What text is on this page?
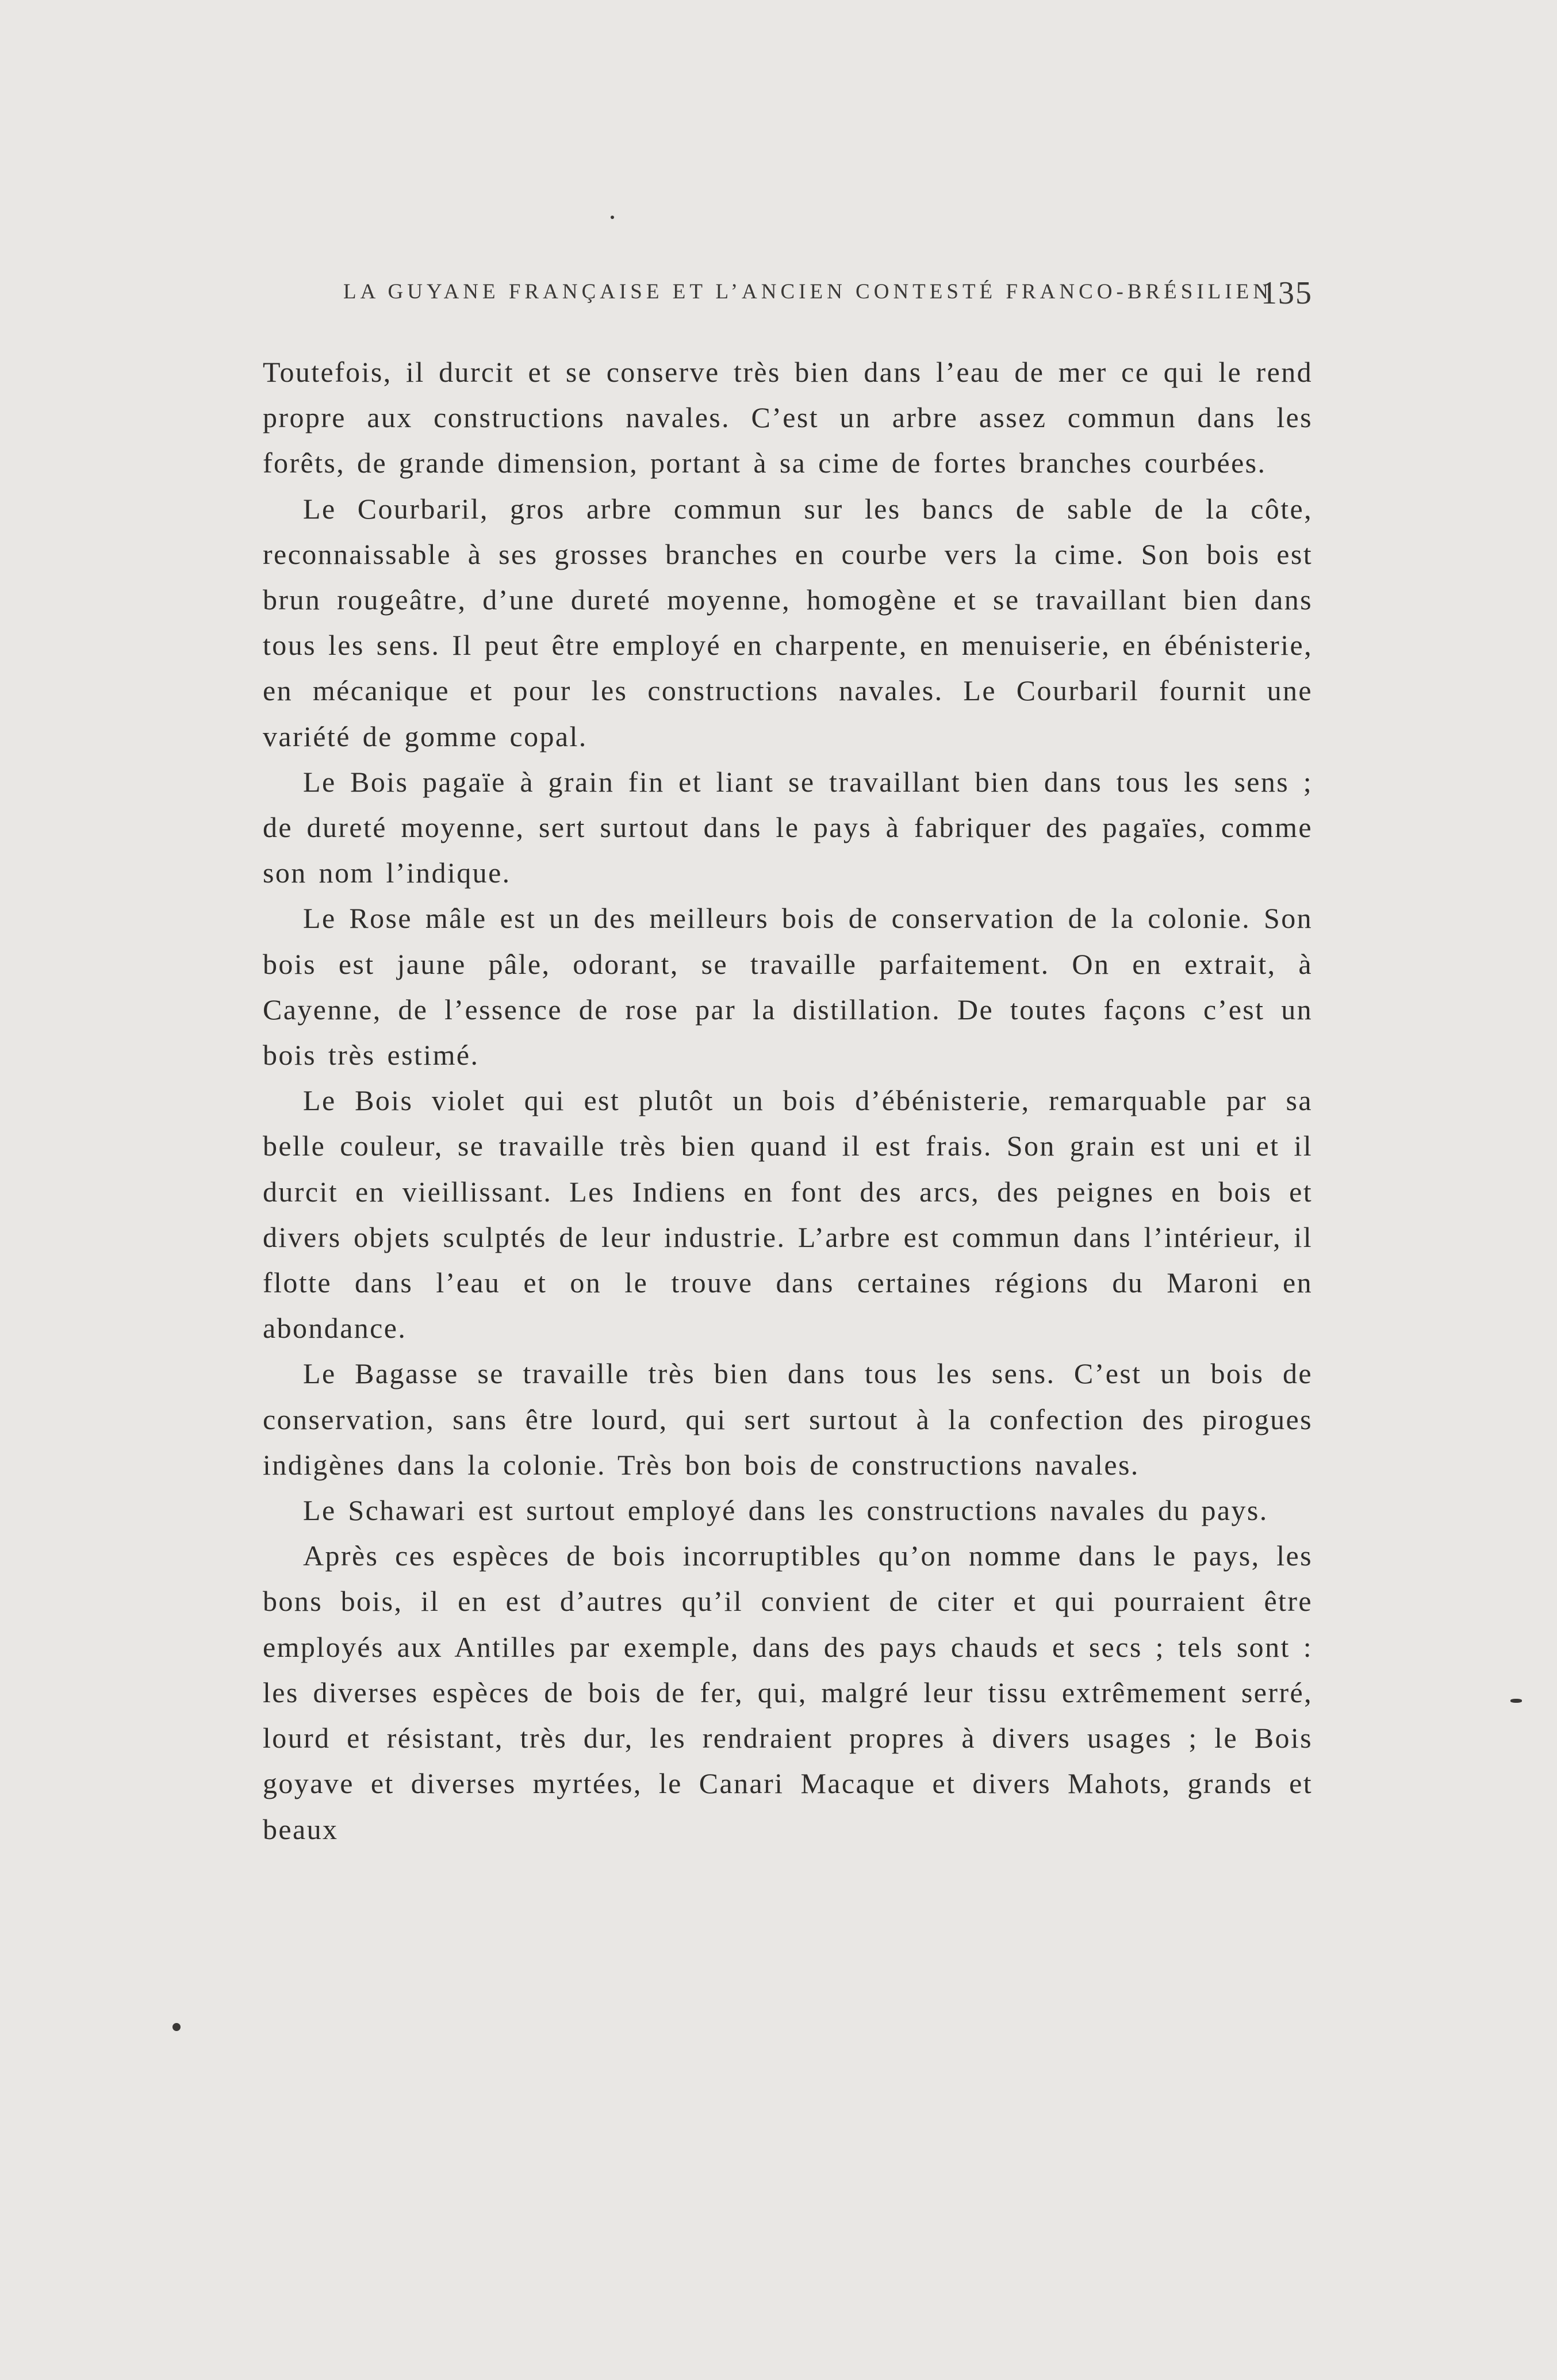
LA GUYANE FRANÇAISE ET L’ANCIEN CONTESTÉ FRANCO-BRÉSILIEN
135

Toutefois, il durcit et se conserve très bien dans l’eau de mer ce qui le rend propre aux constructions navales. C’est un arbre assez commun dans les forêts, de grande dimension, portant à sa cime de fortes branches courbées.

Le Courbaril, gros arbre commun sur les bancs de sable de la côte, reconnaissable à ses grosses branches en courbe vers la cime. Son bois est brun rougeâtre, d’une dureté moyenne, homogène et se travaillant bien dans tous les sens. Il peut être employé en charpente, en menuiserie, en ébénisterie, en mécanique et pour les constructions navales. Le Courbaril fournit une variété de gomme copal.

Le Bois pagaïe à grain fin et liant se travaillant bien dans tous les sens ; de dureté moyenne, sert surtout dans le pays à fabriquer des pagaïes, comme son nom l’indique.

Le Rose mâle est un des meilleurs bois de conservation de la colonie. Son bois est jaune pâle, odorant, se travaille parfaitement. On en extrait, à Cayenne, de l’essence de rose par la distillation. De toutes façons c’est un bois très estimé.

Le Bois violet qui est plutôt un bois d’ébénisterie, remarquable par sa belle couleur, se travaille très bien quand il est frais. Son grain est uni et il durcit en vieillissant. Les Indiens en font des arcs, des peignes en bois et divers objets sculptés de leur industrie. L’arbre est commun dans l’intérieur, il flotte dans l’eau et on le trouve dans certaines régions du Maroni en abondance.

Le Bagasse se travaille très bien dans tous les sens. C’est un bois de conservation, sans être lourd, qui sert surtout à la confection des pirogues indigènes dans la colonie. Très bon bois de constructions navales.

Le Schawari est surtout employé dans les constructions navales du pays.

Après ces espèces de bois incorruptibles qu’on nomme dans le pays, les bons bois, il en est d’autres qu’il convient de citer et qui pourraient être employés aux Antilles par exemple, dans des pays chauds et secs ; tels sont : les diverses espèces de bois de fer, qui, malgré leur tissu extrêmement serré, lourd et résistant, très dur, les rendraient propres à divers usages ; le Bois goyave et diverses myrtées, le Canari Macaque et divers Mahots, grands et beaux
